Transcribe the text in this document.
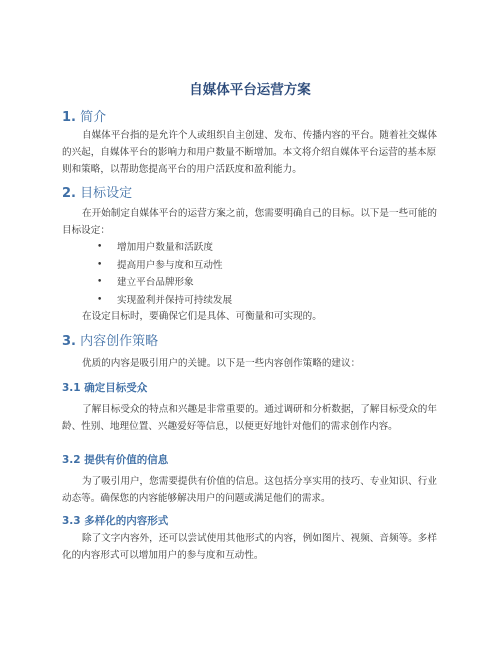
自媒体平台运营方案
1. 简介

自媒体平台指的是允许个人或组织自主创建、发布、传播内容的平台。随着社交媒体的兴起，自媒体平台的影响力和用户数量不断增加。本文将介绍自媒体平台运营的基本原则和策略，以帮助您提高平台的用户活跃度和盈利能力。

2. 目标设定

在开始制定自媒体平台的运营方案之前，您需要明确自己的目标。以下是一些可能的目标设定：

• 增加用户数量和活跃度
• 提高用户参与度和互动性
• 建立平台品牌形象
• 实现盈利并保持可持续发展

在设定目标时，要确保它们是具体、可衡量和可实现的。

3. 内容创作策略

优质的内容是吸引用户的关键。以下是一些内容创作策略的建议：

3.1 确定目标受众

了解目标受众的特点和兴趣是非常重要的。通过调研和分析数据，了解目标受众的年龄、性别、地理位置、兴趣爱好等信息，以便更好地针对他们的需求创作内容。

3.2 提供有价值的信息

为了吸引用户，您需要提供有价值的信息。这包括分享实用的技巧、专业知识、行业动态等。确保您的内容能够解决用户的问题或满足他们的需求。

3.3 多样化的内容形式

除了文字内容外，还可以尝试使用其他形式的内容，例如图片、视频、音频等。多样化的内容形式可以增加用户的参与度和互动性。
